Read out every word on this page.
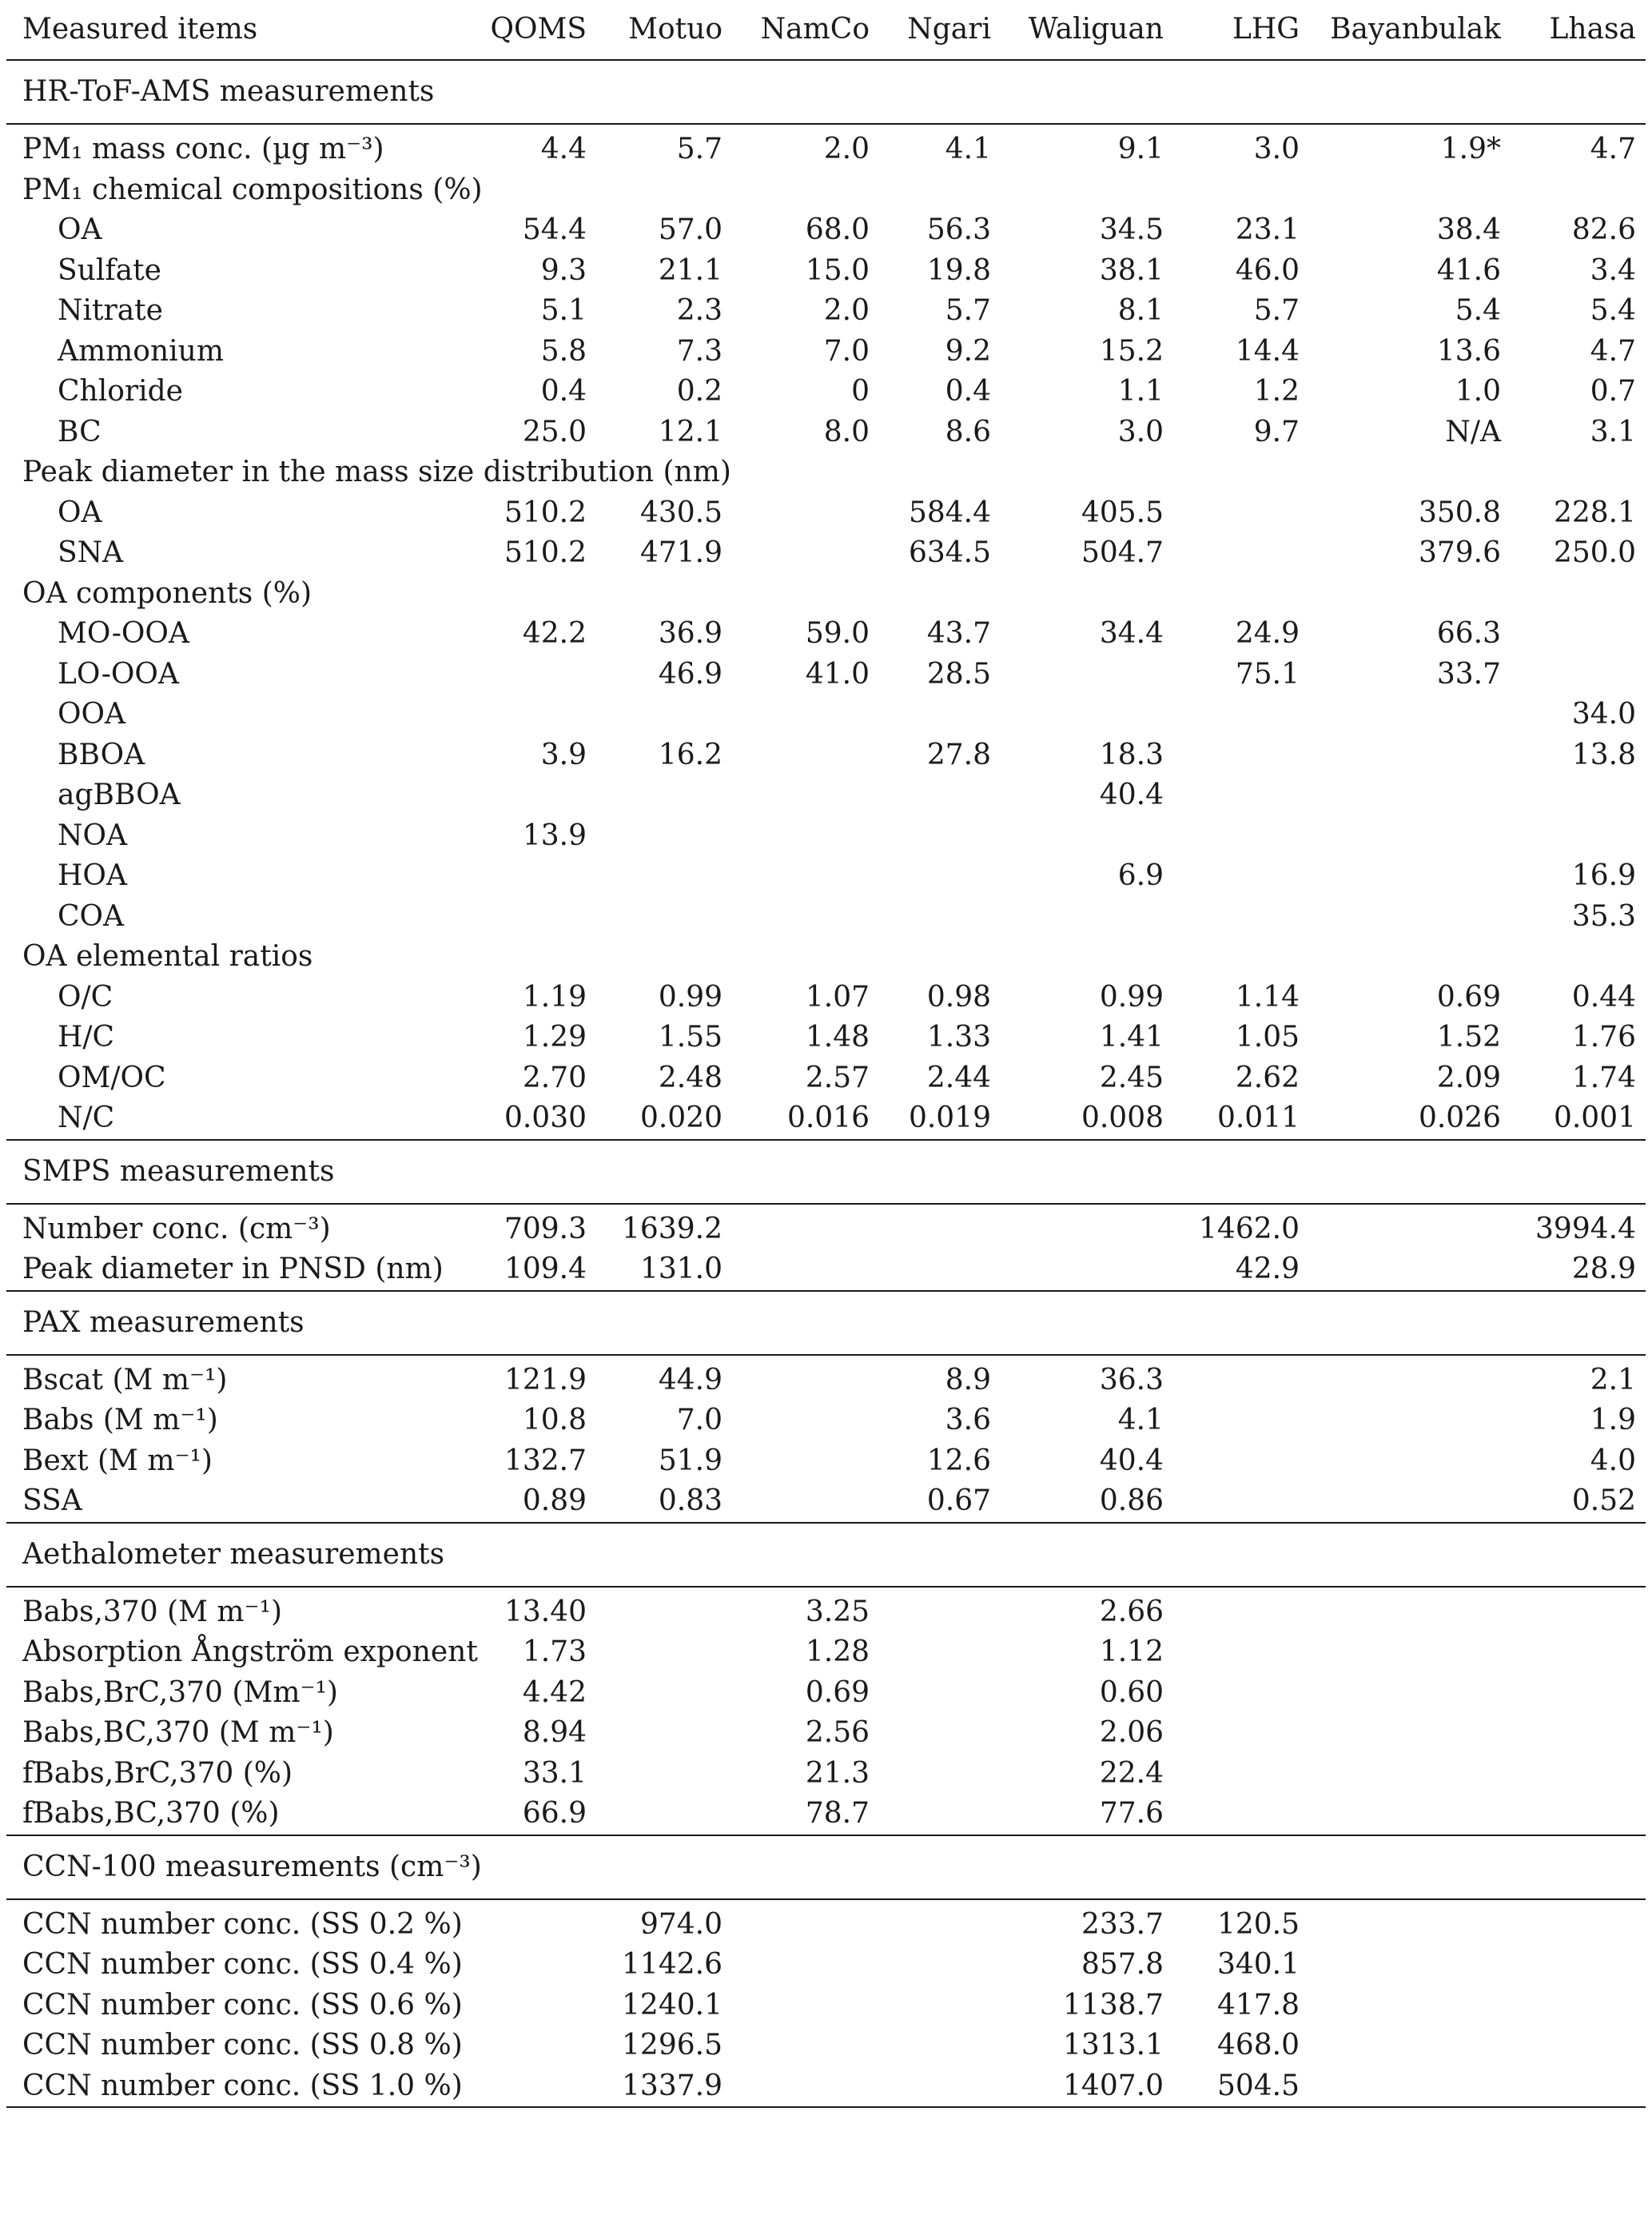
Measured items	QOMS	Motuo	NamCo	Ngari	Waliguan	LHG	Bayanbulak	Lhasa
HR-ToF-AMS measurements								
PM₁ mass conc. (µg m⁻³)	4.4	5.7	2.0	4.1	9.1	3.0	1.9*	4.7
PM₁ chemical compositions (%)								
OA	54.4	57.0	68.0	56.3	34.5	23.1	38.4	82.6
Sulfate	9.3	21.1	15.0	19.8	38.1	46.0	41.6	3.4
Nitrate	5.1	2.3	2.0	5.7	8.1	5.7	5.4	5.4
Ammonium	5.8	7.3	7.0	9.2	15.2	14.4	13.6	4.7
Chloride	0.4	0.2	0	0.4	1.1	1.2	1.0	0.7
BC	25.0	12.1	8.0	8.6	3.0	9.7	N/A	3.1
Peak diameter in the mass size distribution (nm)								
OA	510.2	430.5		584.4	405.5		350.8	228.1
SNA	510.2	471.9		634.5	504.7		379.6	250.0
OA components (%)								
MO-OOA	42.2	36.9	59.0	43.7	34.4	24.9	66.3	
LO-OOA		46.9	41.0	28.5		75.1	33.7	
OOA								34.0
BBOA	3.9	16.2		27.8	18.3			13.8
agBBOA					40.4			
NOA	13.9							
HOA					6.9			16.9
COA								35.3
OA elemental ratios								
O/C	1.19	0.99	1.07	0.98	0.99	1.14	0.69	0.44
H/C	1.29	1.55	1.48	1.33	1.41	1.05	1.52	1.76
OM/OC	2.70	2.48	2.57	2.44	2.45	2.62	2.09	1.74
N/C	0.030	0.020	0.016	0.019	0.008	0.011	0.026	0.001
SMPS measurements								
Number conc. (cm⁻³)	709.3	1639.2				1462.0		3994.4
Peak diameter in PNSD (nm)	109.4	131.0				42.9		28.9
PAX measurements								
Bscat (M m⁻¹)	121.9	44.9		8.9	36.3			2.1
Babs (M m⁻¹)	10.8	7.0		3.6	4.1			1.9
Bext (M m⁻¹)	132.7	51.9		12.6	40.4			4.0
SSA	0.89	0.83		0.67	0.86			0.52
Aethalometer measurements								
Babs,370 (M m⁻¹)	13.40		3.25		2.66			
Absorption Ångström exponent	1.73		1.28		1.12			
Babs,BrC,370 (Mm⁻¹)	4.42		0.69		0.60			
Babs,BC,370 (M m⁻¹)	8.94		2.56		2.06			
fBabs,BrC,370 (%)	33.1		21.3		22.4			
fBabs,BC,370 (%)	66.9		78.7		77.6			
CCN-100 measurements (cm⁻³)								
CCN number conc. (SS 0.2 %)		974.0			233.7	120.5		
CCN number conc. (SS 0.4 %)		1142.6			857.8	340.1		
CCN number conc. (SS 0.6 %)		1240.1			1138.7	417.8		
CCN number conc. (SS 0.8 %)		1296.5			1313.1	468.0		
CCN number conc. (SS 1.0 %)		1337.9			1407.0	504.5		
